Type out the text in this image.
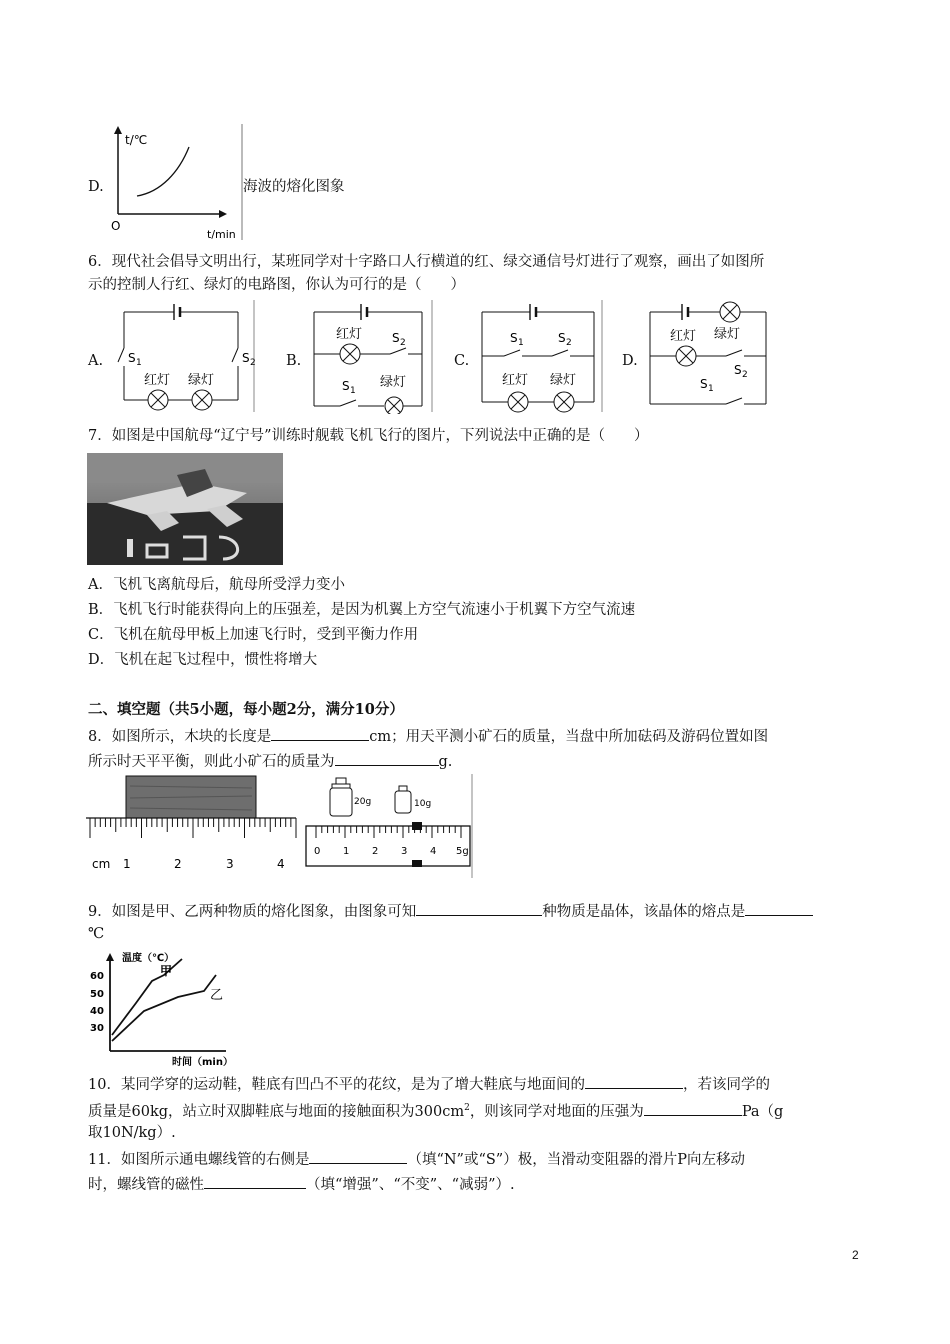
D.
t/℃
O
t/min
海波的熔化图象
6．现代社会倡导文明出行，某班同学对十字路口人行横道的红、绿交通信号灯进行了观察，画出了如图所
示的控制人行红、绿灯的电路图，你认为可行的是（　　）
A. S 1	S 2
红灯 绿灯
B.
红灯 S 2
S 1
绿灯
C.
S 1	S 2
红灯 绿灯
D.
红灯 绿灯
S 2
S 1
7．如图是中国航母“辽宁号”训练时舰载飞机飞行的图片，下列说法中正确的是（　　）
A．飞机飞离航母后，航母所受浮力变小
B．飞机飞行时能获得向上的压强差，是因为机翼上方空气流速小于机翼下方空气流速
C．飞机在航母甲板上加速飞行时，受到平衡力作用
D．飞机在起飞过程中，惯性将增大
二、填空题（共5小题，每小题2分，满分10分）
8．如图所示，木块的长度是	cm；用天平测小矿石的质量，当盘中所加砝码及游码位置如图
所示时天平平衡，则此小矿石的质量为	g.
cm 1	2	3	4
20g	10g
0 1 2 3 4 5g
9．如图是甲、乙两种物质的熔化图象，由图象可知	种物质是晶体，该晶体的熔点是
℃
温度（℃）
60
50
40
30
甲
乙
时间（min）
10．某同学穿的运动鞋，鞋底有凹凸不平的花纹，是为了增大鞋底与地面间的	，若该同学的
质量是60kg，站立时双脚鞋底与地面的接触面积为$300cm^2$，则该同学对地面的压强为	Pa（g
取10N/kg）.
11．如图所示通电螺线管的右侧是	（填“N”或“S”）极，当滑动变阻器的滑片P向左移动
时，螺线管的磁性	（填“增强”、“不变”、“减弱”）.
2
